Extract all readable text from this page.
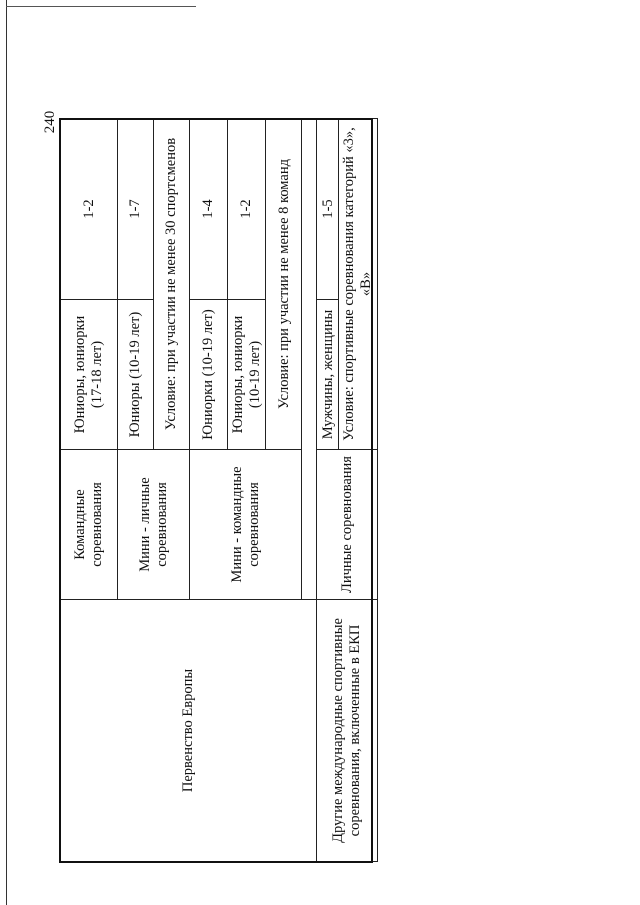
240
Первенство Европы	Командные соревнования	Юниоры, юниорки (17-18 лет)	1-2
	Мини - личные соревнования	Юниоры (10-19 лет)	1-7
		Условие: при участии не менее 30 спортсменов	
	Мини - командные соревнования	Юниорки (10-19 лет)	1-4
		Юниоры, юниорки (10-19 лет)	1-2
		Условие: при участии не менее 8 команд	

Другие международные спортивные соревнования, включенные в ЕКП	Личные соревнования	Мужчины, женщины	1-5
		Условие: спортивные соревнования категорий «3», «В»	
